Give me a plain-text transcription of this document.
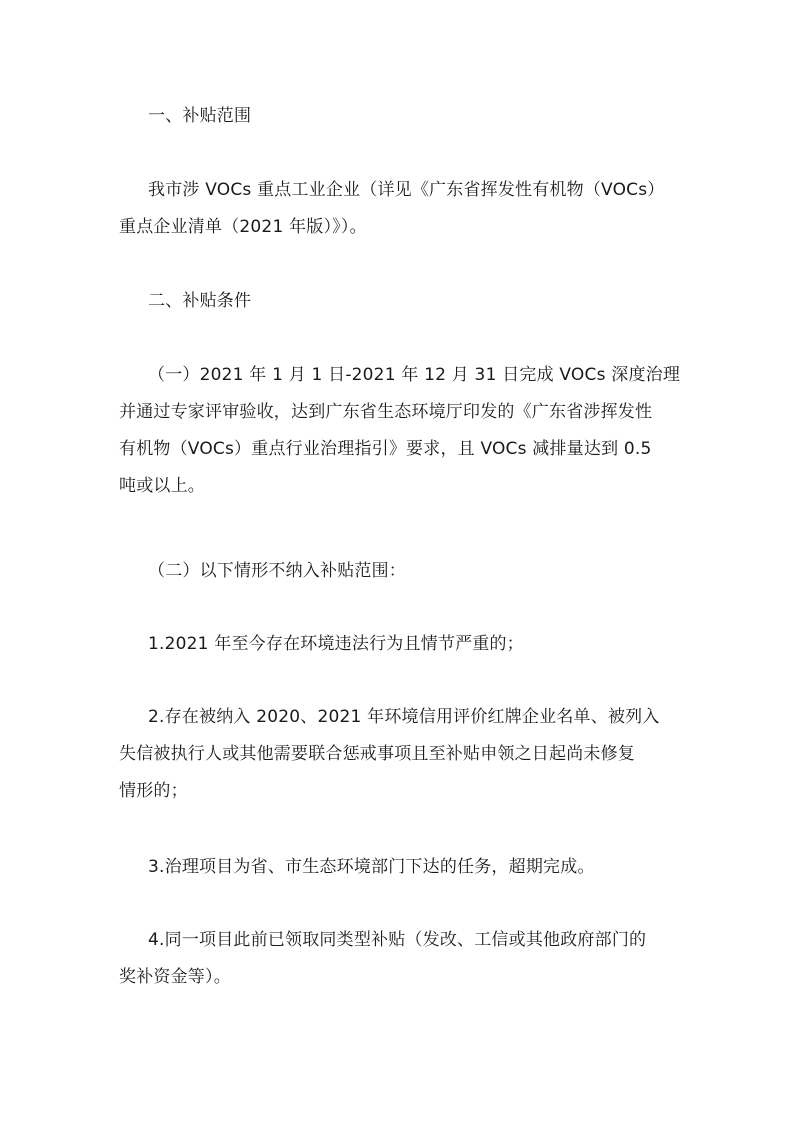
一、补贴范围

我市涉 VOCs 重点工业企业（详见《广东省挥发性有机物（VOCs）
重点企业清单（2021 年版）》）。

二、补贴条件

（一）2021 年 1 月 1 日-2021 年 12 月 31 日完成 VOCs 深度治理
并通过专家评审验收，达到广东省生态环境厅印发的《广东省涉挥发性
有机物（VOCs）重点行业治理指引》要求，且 VOCs 减排量达到 0.5
吨或以上。

（二）以下情形不纳入补贴范围：

1.2021 年至今存在环境违法行为且情节严重的；

2.存在被纳入 2020、2021 年环境信用评价红牌企业名单、被列入
失信被执行人或其他需要联合惩戒事项且至补贴申领之日起尚未修复
情形的；

3.治理项目为省、市生态环境部门下达的任务，超期完成。

4.同一项目此前已领取同类型补贴（发改、工信或其他政府部门的
奖补资金等）。
